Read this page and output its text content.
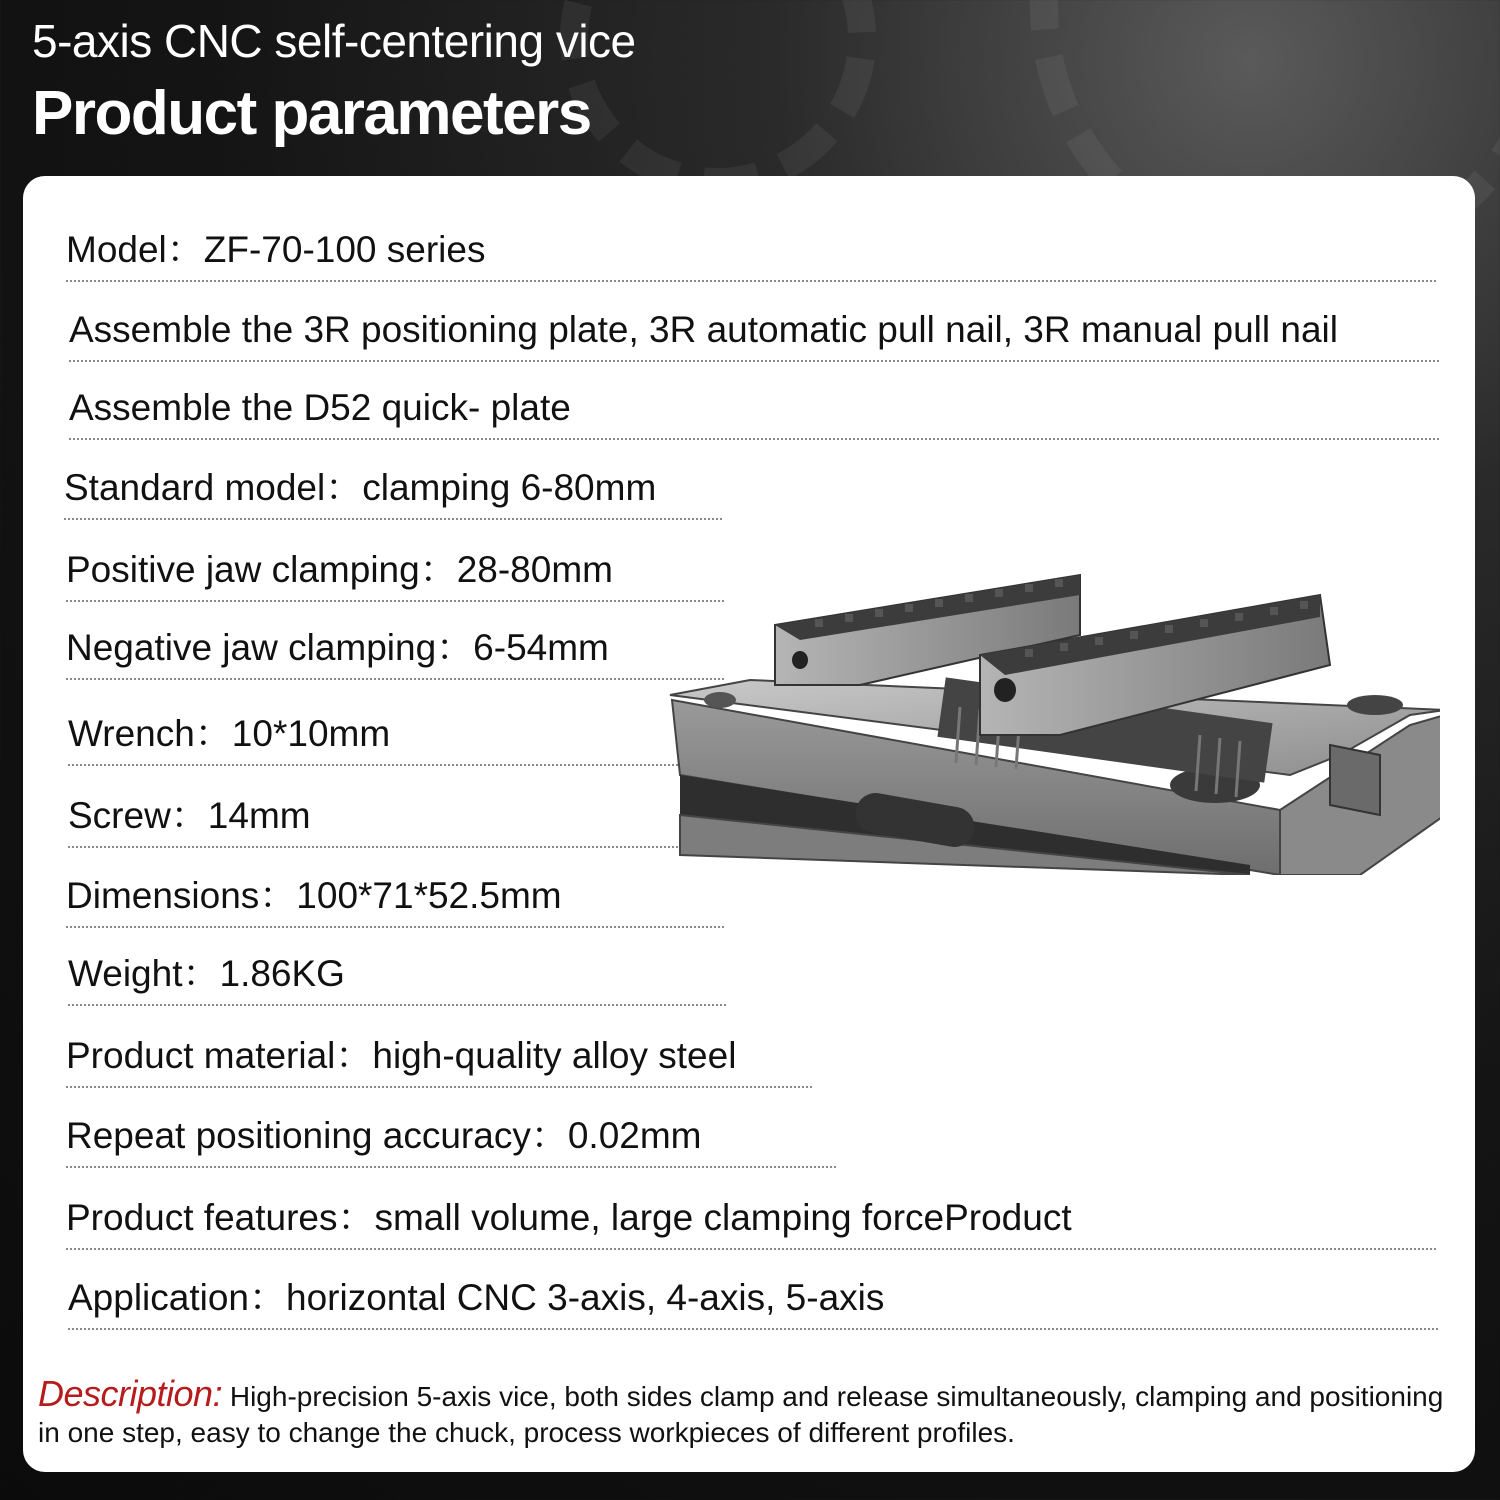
5-axis CNC self-centering vice
Product parameters
Model：ZF-70-100 series
Assemble the 3R positioning plate, 3R automatic pull nail, 3R manual pull nail
Assemble the D52 quick- plate
Standard model：clamping 6-80mm
Positive jaw clamping：28-80mm
Negative jaw clamping：6-54mm
Wrench：10*10mm
Screw：14mm
Dimensions：100*71*52.5mm
Weight：1.86KG
Product material：high-quality alloy steel
Repeat positioning accuracy：0.02mm
Product features：small volume, large clamping forceProduct
Application：horizontal CNC 3-axis, 4-axis, 5-axis
Description: High-precision 5-axis vice, both sides clamp and release simultaneously, clamping and positioning in one step, easy to change the chuck, process workpieces of different profiles.
